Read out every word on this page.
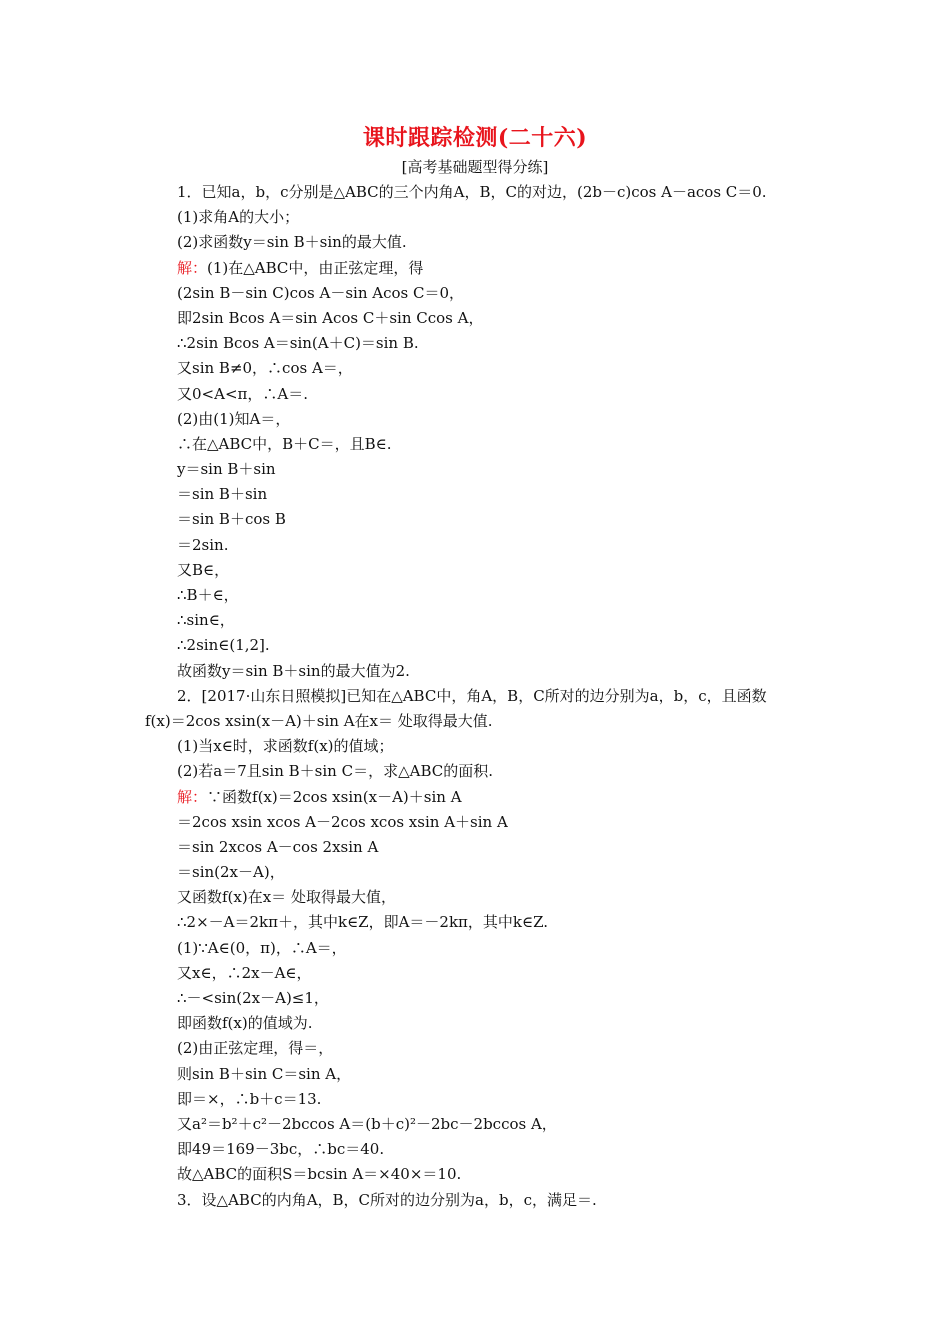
课时跟踪检测(二十六)
[高考基础题型得分练]
1．已知a，b，c分别是△ABC的三个内角A，B，C的对边，(2b－c)cos A－acos C＝0.
(1)求角A的大小；
(2)求函数y＝sin B＋sin的最大值.
解：(1)在△ABC中，由正弦定理，得
(2sin B－sin C)cos A－sin Acos C＝0，
即2sin Bcos A＝sin Acos C＋sin Ccos A，
∴2sin Bcos A＝sin(A＋C)＝sin B.
又sin B≠0，∴cos A＝，
又0<A<π，∴A＝.
(2)由(1)知A＝，
∴在△ABC中，B＋C＝，且B∈.
y＝sin B＋sin
＝sin B＋sin
＝sin B＋cos B
＝2sin.
又B∈，
∴B＋∈，
∴sin∈，
∴2sin∈(1,2].
故函数y＝sin B＋sin的最大值为2.
2．[2017·山东日照模拟]已知在△ABC中，角A，B，C所对的边分别为a，b，c，且函数
f(x)＝2cos xsin(x－A)＋sin A在x＝ 处取得最大值.
(1)当x∈时，求函数f(x)的值域；
(2)若a＝7且sin B＋sin C＝，求△ABC的面积.
解：∵函数f(x)＝2cos xsin(x－A)＋sin A
＝2cos xsin xcos A－2cos xcos xsin A＋sin A
＝sin 2xcos A－cos 2xsin A
＝sin(2x－A)，
又函数f(x)在x＝ 处取得最大值，
∴2×－A＝2kπ＋，其中k∈Z，即A＝－2kπ，其中k∈Z.
(1)∵A∈(0，π)，∴A＝，
又x∈，∴2x－A∈，
∴－<sin(2x－A)≤1，
即函数f(x)的值域为.
(2)由正弦定理，得＝，
则sin B＋sin C＝sin A，
即＝×，∴b＋c＝13.
又a²＝b²＋c²－2bccos A＝(b＋c)²－2bc－2bccos A，
即49＝169－3bc，∴bc＝40.
故△ABC的面积S＝bcsin A＝×40×＝10.
3．设△ABC的内角A，B，C所对的边分别为a，b，c，满足＝.
